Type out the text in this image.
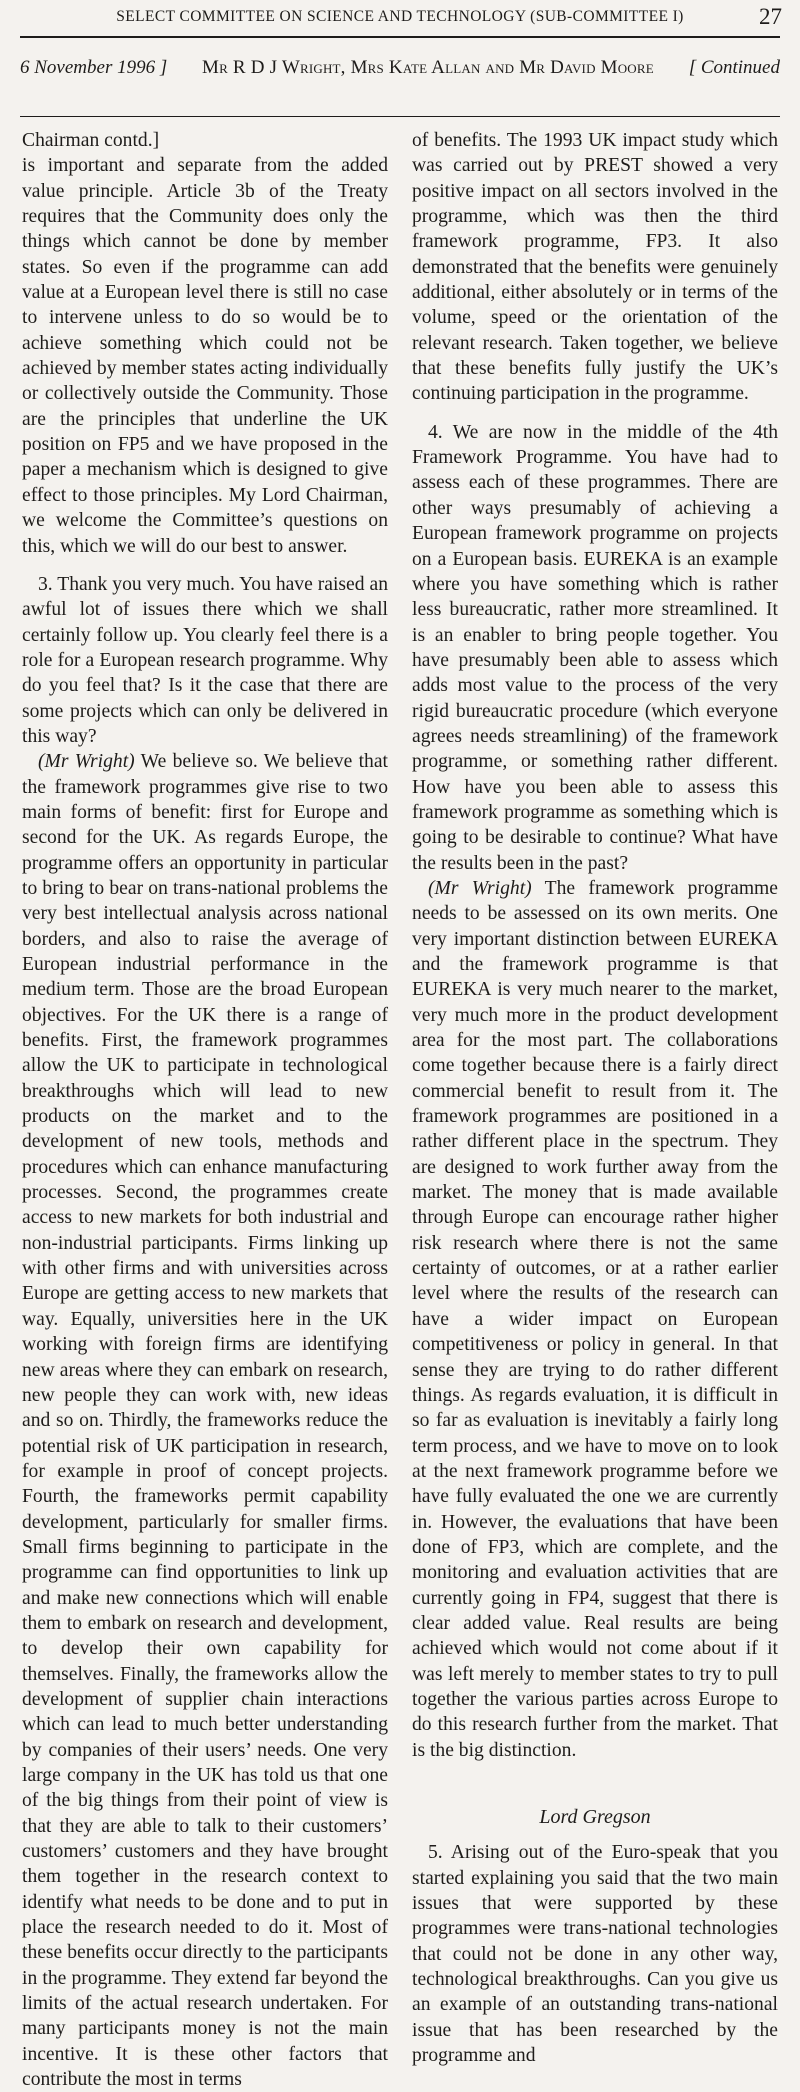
SELECT COMMITTEE ON SCIENCE AND TECHNOLOGY (SUB-COMMITTEE I)	27
6 November 1996 ] Mr R D J Wright, Mrs Kate Allan and Mr David Moore [ Continued

Chairman contd.]

is important and separate from the added value principle. Article 3b of the Treaty requires that the Community does only the things which cannot be done by member states. So even if the programme can add value at a European level there is still no case to intervene unless to do so would be to achieve something which could not be achieved by member states acting individually or collectively outside the Community. Those are the principles that underline the UK position on FP5 and we have proposed in the paper a mechanism which is designed to give effect to those principles. My Lord Chairman, we welcome the Committee’s questions on this, which we will do our best to answer.

3. Thank you very much. You have raised an awful lot of issues there which we shall certainly follow up. You clearly feel there is a role for a European research programme. Why do you feel that? Is it the case that there are some projects which can only be delivered in this way?

(Mr Wright) We believe so. We believe that the framework programmes give rise to two main forms of benefit: first for Europe and second for the UK. As regards Europe, the programme offers an opportunity in particular to bring to bear on trans-national problems the very best intellectual analysis across national borders, and also to raise the average of European industrial performance in the medium term. Those are the broad European objectives. For the UK there is a range of benefits. First, the framework programmes allow the UK to participate in technological breakthroughs which will lead to new products on the market and to the development of new tools, methods and procedures which can enhance manufacturing processes. Second, the programmes create access to new markets for both industrial and non-industrial participants. Firms linking up with other firms and with universities across Europe are getting access to new markets that way. Equally, universities here in the UK working with foreign firms are identifying new areas where they can embark on research, new people they can work with, new ideas and so on. Thirdly, the frameworks reduce the potential risk of UK participation in research, for example in proof of concept projects. Fourth, the frameworks permit capability development, particularly for smaller firms. Small firms beginning to participate in the programme can find opportunities to link up and make new connections which will enable them to embark on research and development, to develop their own capability for themselves. Finally, the frameworks allow the development of supplier chain interactions which can lead to much better understanding by companies of their users’ needs. One very large company in the UK has told us that one of the big things from their point of view is that they are able to talk to their customers’ customers’ customers and they have brought them together in the research context to identify what needs to be done and to put in place the research needed to do it. Most of these benefits occur directly to the participants in the programme. They extend far beyond the limits of the actual research undertaken. For many participants money is not the main incentive. It is these other factors that contribute the most in terms

of benefits. The 1993 UK impact study which was carried out by PREST showed a very positive impact on all sectors involved in the programme, which was then the third framework programme, FP3. It also demonstrated that the benefits were genuinely additional, either absolutely or in terms of the volume, speed or the orientation of the relevant research. Taken together, we believe that these benefits fully justify the UK’s continuing participation in the programme.

4. We are now in the middle of the 4th Framework Programme. You have had to assess each of these programmes. There are other ways presumably of achieving a European framework programme on projects on a European basis. EUREKA is an example where you have something which is rather less bureaucratic, rather more streamlined. It is an enabler to bring people together. You have presumably been able to assess which adds most value to the process of the very rigid bureaucratic procedure (which everyone agrees needs streamlining) of the framework programme, or something rather different. How have you been able to assess this framework programme as something which is going to be desirable to continue? What have the results been in the past?

(Mr Wright) The framework programme needs to be assessed on its own merits. One very important distinction between EUREKA and the framework programme is that EUREKA is very much nearer to the market, very much more in the product development area for the most part. The collaborations come together because there is a fairly direct commercial benefit to result from it. The framework programmes are positioned in a rather different place in the spectrum. They are designed to work further away from the market. The money that is made available through Europe can encourage rather higher risk research where there is not the same certainty of outcomes, or at a rather earlier level where the results of the research can have a wider impact on European competitiveness or policy in general. In that sense they are trying to do rather different things. As regards evaluation, it is difficult in so far as evaluation is inevitably a fairly long term process, and we have to move on to look at the next framework programme before we have fully evaluated the one we are currently in. However, the evaluations that have been done of FP3, which are complete, and the monitoring and evaluation activities that are currently going in FP4, suggest that there is clear added value. Real results are being achieved which would not come about if it was left merely to member states to try to pull together the various parties across Europe to do this research further from the market. That is the big distinction.

Lord Gregson

5. Arising out of the Euro-speak that you started explaining you said that the two main issues that were supported by these programmes were trans-national technologies that could not be done in any other way, technological breakthroughs. Can you give us an example of an outstanding trans-national issue that has been researched by the programme and
